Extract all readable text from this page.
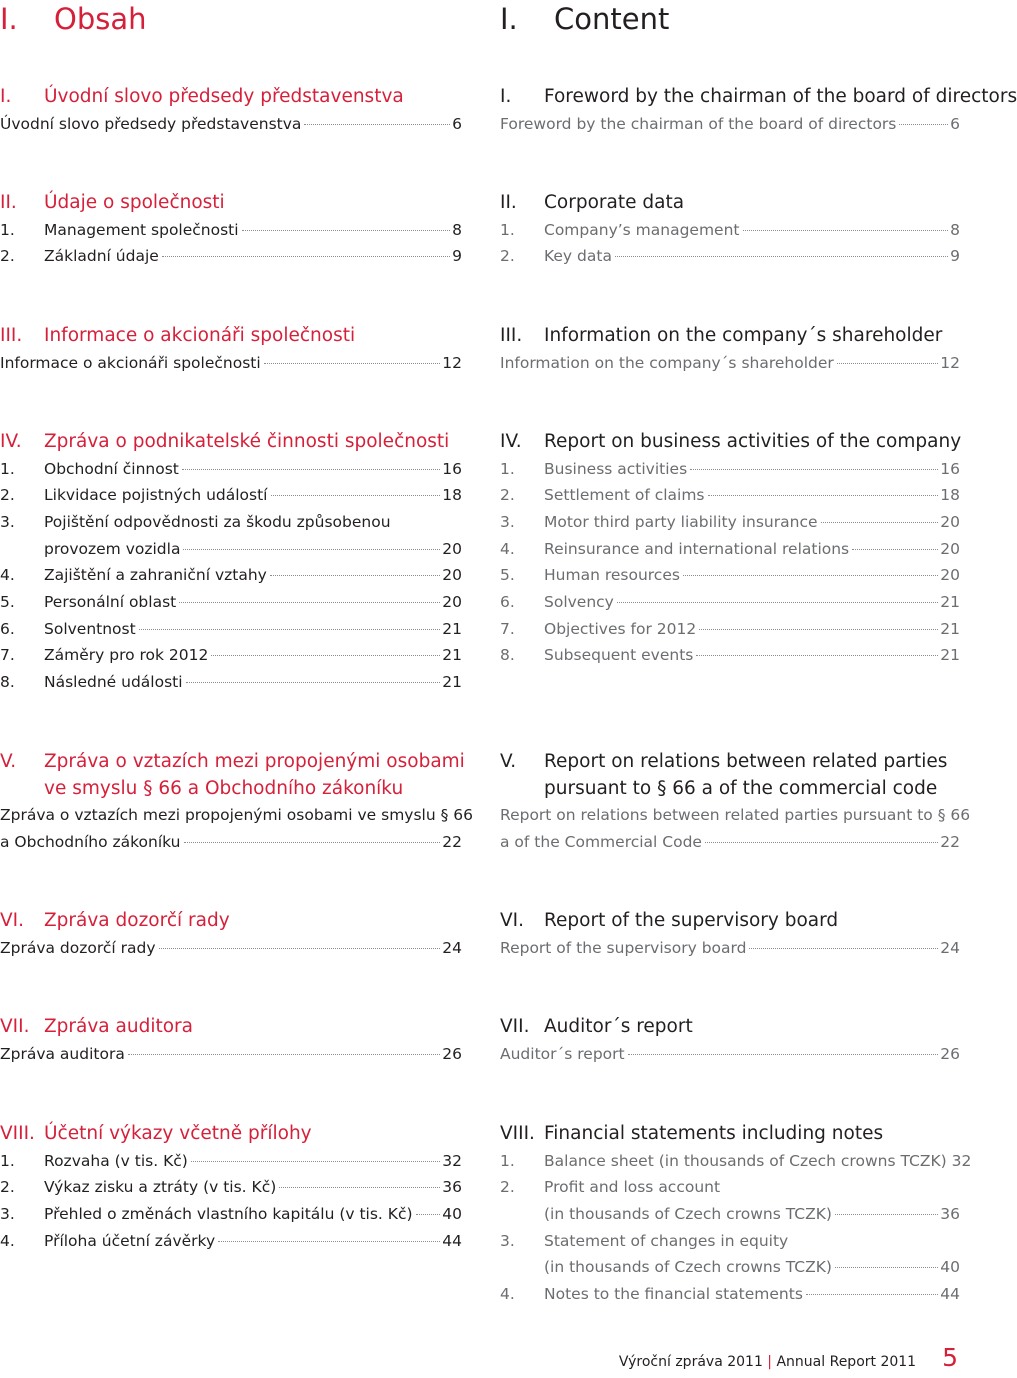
I. Obsah
I.	Úvodní slovo předsedy představenstva
Úvodní slovo předsedy představenstva	6
II.	Údaje o společnosti
1.	Management společnosti	8
2.	Základní údaje	9
III.	Informace o akcionáři společnosti
Informace o akcionáři společnosti	12
IV.	Zpráva o podnikatelské činnosti společnosti
1.	Obchodní činnost	16
2.	Likvidace pojistných událostí	18
3.	Pojištění odpovědnosti za škodu způsobenou
provozem vozidla	20
4.	Zajištění a zahraniční vztahy	20
5.	Personální oblast	20
6.	Solventnost	21
7.	Záměry pro rok 2012	21
8.	Následné události	21
V.	Zpráva o vztazích mezi propojenými osobami
ve smyslu § 66 a Obchodního zákoníku
Zpráva o vztazích mezi propojenými osobami ve smyslu § 66
a Obchodního zákoníku	22
VI.	Zpráva dozorčí rady
Zpráva dozorčí rady	24
VII. Zpráva auditora
Zpráva auditora	26
VIII. Účetní výkazy včetně přílohy
1.	Rozvaha (v tis. Kč)	32
2.	Výkaz zisku a ztráty (v tis. Kč)	36
3.	Přehled o změnách vlastního kapitálu (v tis. Kč) 40
4.	Příloha účetní závěrky	44
I. Content
I.	Foreword by the chairman of the board of directors
Foreword by the chairman of the board of directors	6
II.	Corporate data
1.	Company’s management	8
2.	Key data	9
III.	Information on the company´s shareholder
Information on the company´s shareholder	12
IV.	Report on business activities of the company
1.	Business activities	16
2.	Settlement of claims	18
3.	Motor third party liability insurance	20
4.	Reinsurance and international relations	20
5.	Human resources	20
6.	Solvency	21
7.	Objectives for 2012	21
8.	Subsequent events	21
V.	Report on relations between related parties
pursuant to § 66 a of the commercial code
Report on relations between related parties pursuant to § 66
a of the Commercial Code	22
VI.	Report of the supervisory board
Report of the supervisory board	24
VII. Auditor´s report
Auditor´s report	26
VIII. Financial statements including notes
1.	Balance sheet (in thousands of Czech crowns TCZK) 32
2.	Profit and loss account
(in thousands of Czech crowns TCZK)	36
3.	Statement of changes in equity
(in thousands of Czech crowns TCZK)	40
4.	Notes to the financial statements	44
Výroční zpráva 2011 | Annual Report 2011 5
